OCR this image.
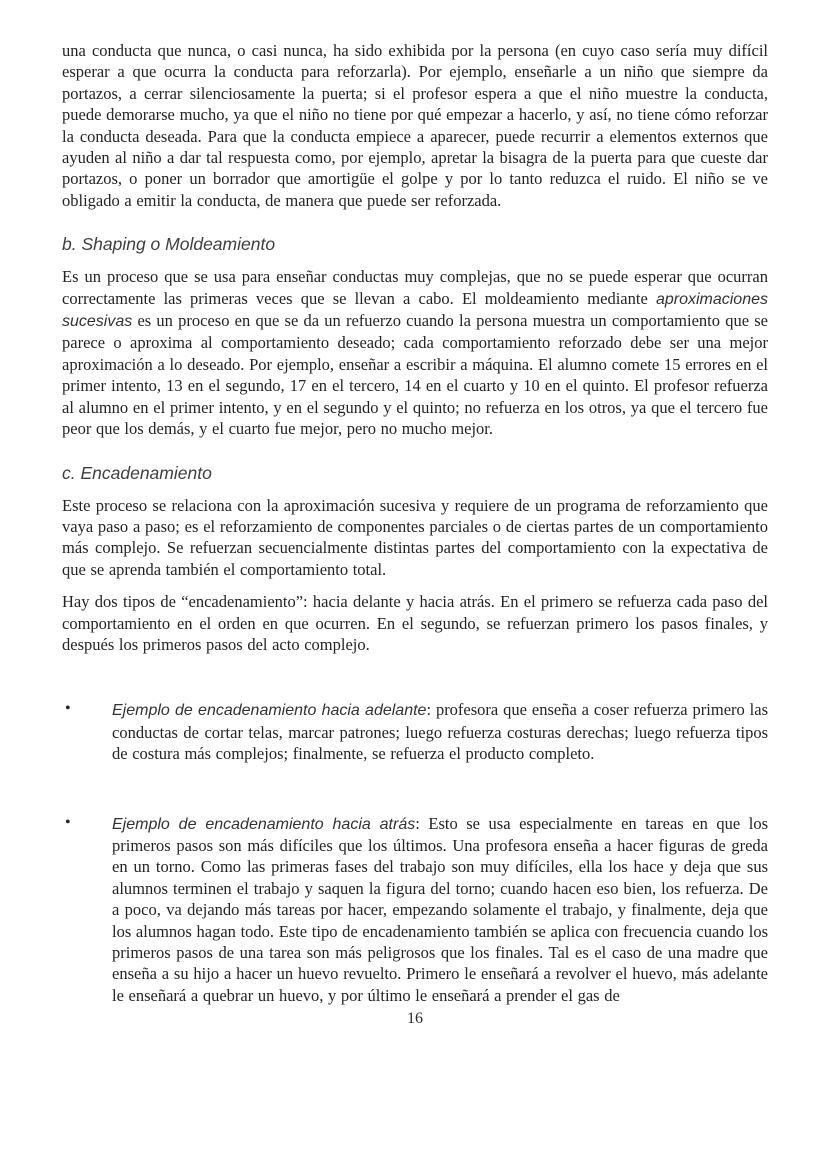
una conducta que nunca, o casi nunca, ha sido exhibida por la persona (en cuyo caso sería muy difícil esperar a que ocurra la conducta para reforzarla). Por ejemplo, enseñarle a un niño que siempre da portazos, a cerrar silenciosamente la puerta; si el profesor espera a que el niño muestre la conducta, puede demorarse mucho, ya que el niño no tiene por qué empezar a hacerlo, y así, no tiene cómo reforzar la conducta deseada. Para que la conducta empiece a aparecer, puede recurrir a elementos externos que ayuden al niño a dar tal respuesta como, por ejemplo, apretar la bisagra de la puerta para que cueste dar portazos, o poner un borrador que amortigüe el golpe y por lo tanto reduzca el ruido. El niño se ve obligado a emitir la conducta, de manera que puede ser reforzada.

b. Shaping o Moldeamiento

Es un proceso que se usa para enseñar conductas muy complejas, que no se puede esperar que ocurran correctamente las primeras veces que se llevan a cabo. El moldeamiento mediante aproximaciones sucesivas es un proceso en que se da un refuerzo cuando la persona muestra un comportamiento que se parece o aproxima al comportamiento deseado; cada comportamiento reforzado debe ser una mejor aproximación a lo deseado. Por ejemplo, enseñar a escribir a máquina. El alumno comete 15 errores en el primer intento, 13 en el segundo, 17 en el tercero, 14 en el cuarto y 10 en el quinto. El profesor refuerza al alumno en el primer intento, y en el segundo y el quinto; no refuerza en los otros, ya que el tercero fue peor que los demás, y el cuarto fue mejor, pero no mucho mejor.

c. Encadenamiento

Este proceso se relaciona con la aproximación sucesiva y requiere de un programa de reforzamiento que vaya paso a paso; es el reforzamiento de componentes parciales o de ciertas partes de un comportamiento más complejo. Se refuerzan secuencialmente distintas partes del comportamiento con la expectativa de que se aprenda también el comportamiento total.

Hay dos tipos de “encadenamiento”: hacia delante y hacia atrás. En el primero se refuerza cada paso del comportamiento en el orden en que ocurren. En el segundo, se refuerzan primero los pasos finales, y después los primeros pasos del acto complejo.

•	Ejemplo de encadenamiento hacia adelante: profesora que enseña a coser refuerza primero las conductas de cortar telas, marcar patrones; luego refuerza costuras derechas; luego refuerza tipos de costura más complejos; finalmente, se refuerza el producto completo.
•	Ejemplo de encadenamiento hacia atrás: Esto se usa especialmente en tareas en que los primeros pasos son más difíciles que los últimos. Una profesora enseña a hacer figuras de greda en un torno. Como las primeras fases del trabajo son muy difíciles, ella los hace y deja que sus alumnos terminen el trabajo y saquen la figura del torno; cuando hacen eso bien, los refuerza. De a poco, va dejando más tareas por hacer, empezando solamente el trabajo, y finalmente, deja que los alumnos hagan todo. Este tipo de encadenamiento también se aplica con frecuencia cuando los primeros pasos de una tarea son más peligrosos que los finales. Tal es el caso de una madre que enseña a su hijo a hacer un huevo revuelto. Primero le enseñará a revolver el huevo, más adelante le enseñará a quebrar un huevo, y por último le enseñará a prender el gas de
16
